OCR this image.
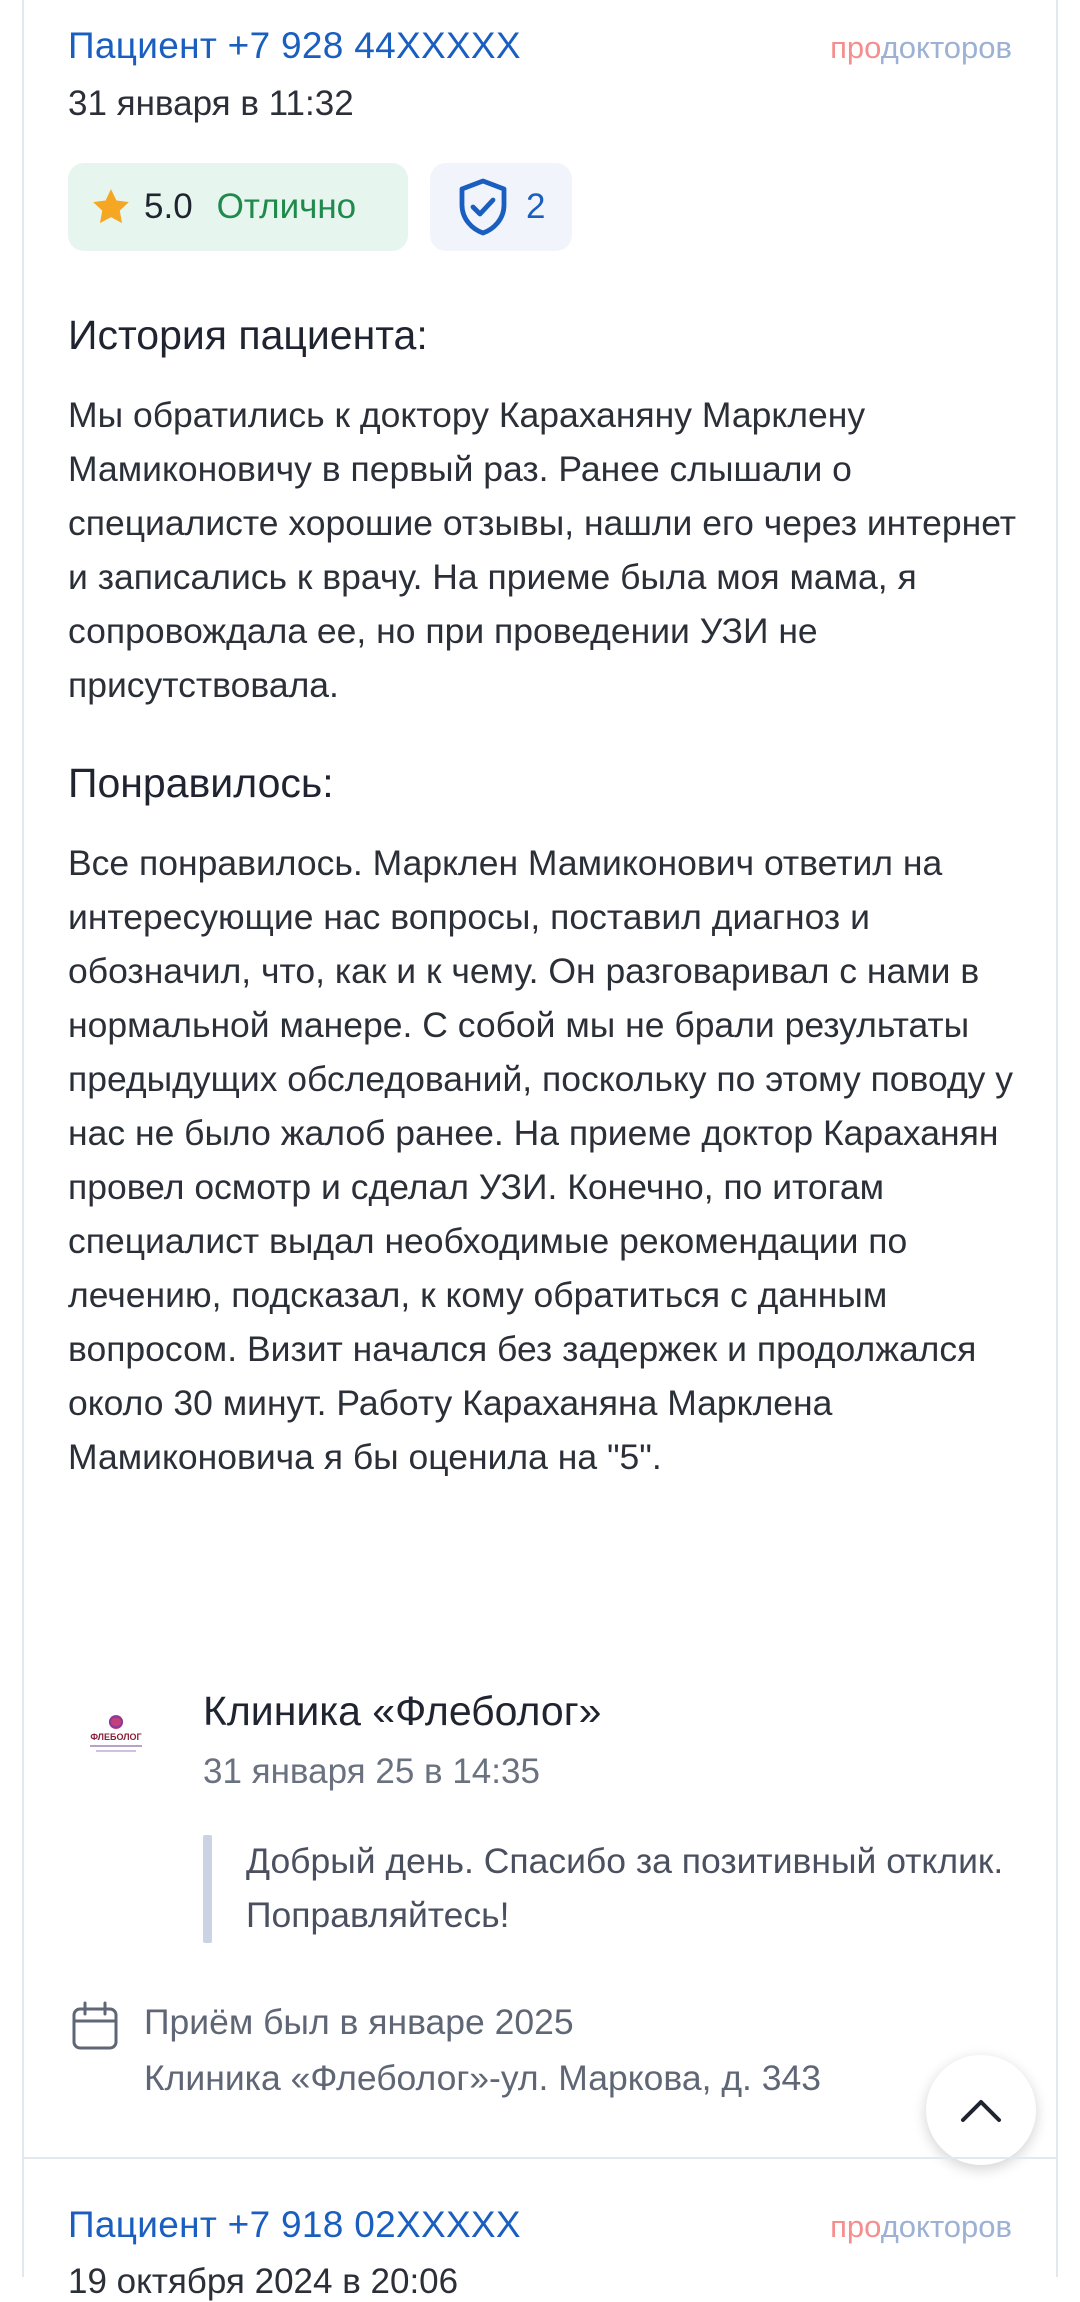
Пациент +7 928 44XXXXX	продокторов
31 января в 11:32
5.0 Отлично	2
История пациента:
Мы обратились к доктору Караханяну Марклену Мамиконовичу в первый раз. Ранее слышали о специалисте хорошие отзывы, нашли его через интернет и записались к врачу. На приеме была моя мама, я сопровождала ее, но при проведении УЗИ не присутствовала.
Понравилось:
Все понравилось. Марклен Мамиконович ответил на интересующие нас вопросы, поставил диагноз и обозначил, что, как и к чему. Он разговаривал с нами в нормальной манере. С собой мы не брали результаты предыдущих обследований, поскольку по этому поводу у нас не было жалоб ранее. На приеме доктор Караханян провел осмотр и сделал УЗИ. Конечно, по итогам специалист выдал необходимые рекомендации по лечению, подсказал, к кому обратиться с данным вопросом. Визит начался без задержек и продолжался около 30 минут. Работу Караханяна Марклена Мамиконовича я бы оценила на "5".
ФЛЕБОЛОГ
Клиника «Флеболог»
31 января 25 в 14:35
Добрый день. Спасибо за позитивный отклик. Поправляйтесь!
Приём был в январе 2025
Клиника «Флеболог»-ул. Маркова, д. 343
Пациент +7 918 02XXXXX	продокторов
19 октября 2024 в 20:06
